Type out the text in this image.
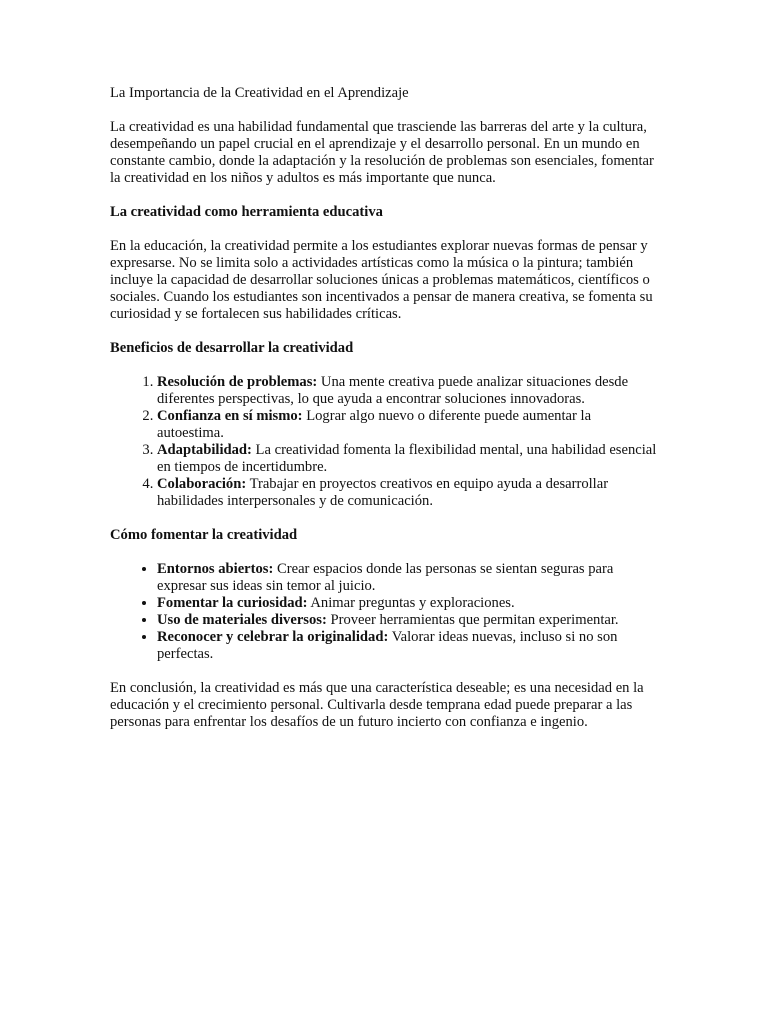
La Importancia de la Creatividad en el Aprendizaje

La creatividad es una habilidad fundamental que trasciende las barreras del arte y la cultura, desempeñando un papel crucial en el aprendizaje y el desarrollo personal. En un mundo en constante cambio, donde la adaptación y la resolución de problemas son esenciales, fomentar la creatividad en los niños y adultos es más importante que nunca.

La creatividad como herramienta educativa

En la educación, la creatividad permite a los estudiantes explorar nuevas formas de pensar y expresarse. No se limita solo a actividades artísticas como la música o la pintura; también incluye la capacidad de desarrollar soluciones únicas a problemas matemáticos, científicos o sociales. Cuando los estudiantes son incentivados a pensar de manera creativa, se fomenta su curiosidad y se fortalecen sus habilidades críticas.

Beneficios de desarrollar la creatividad

1. Resolución de problemas: Una mente creativa puede analizar situaciones desde diferentes perspectivas, lo que ayuda a encontrar soluciones innovadoras.
2. Confianza en sí mismo: Lograr algo nuevo o diferente puede aumentar la autoestima.
3. Adaptabilidad: La creatividad fomenta la flexibilidad mental, una habilidad esencial en tiempos de incertidumbre.
4. Colaboración: Trabajar en proyectos creativos en equipo ayuda a desarrollar habilidades interpersonales y de comunicación.

Cómo fomentar la creatividad

• Entornos abiertos: Crear espacios donde las personas se sientan seguras para expresar sus ideas sin temor al juicio.
• Fomentar la curiosidad: Animar preguntas y exploraciones.
• Uso de materiales diversos: Proveer herramientas que permitan experimentar.
• Reconocer y celebrar la originalidad: Valorar ideas nuevas, incluso si no son perfectas.

En conclusión, la creatividad es más que una característica deseable; es una necesidad en la educación y el crecimiento personal. Cultivarla desde temprana edad puede preparar a las personas para enfrentar los desafíos de un futuro incierto con confianza e ingenio.
